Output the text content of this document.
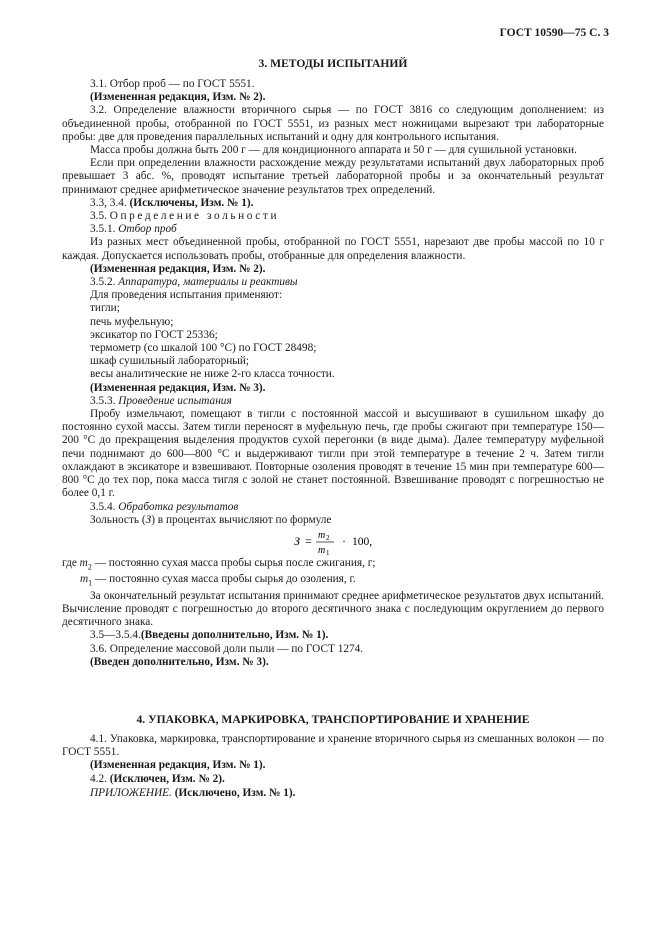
ГОСТ 10590—75 С. 3
3. МЕТОДЫ ИСПЫТАНИЙ

3.1. Отбор проб — по ГОСТ 5551.

(Измененная редакция, Изм. № 2).

3.2. Определение влажности вторичного сырья — по ГОСТ 3816 со следующим дополнением: из объединенной пробы, отобранной по ГОСТ 5551, из разных мест ножницами вырезают три лабораторные пробы: две для проведения параллельных испытаний и одну для контрольного испытания.

Масса пробы должна быть 200 г — для кондиционного аппарата и 50 г — для сушильной установки.

Если при определении влажности расхождение между результатами испытаний двух лабораторных проб превышает 3 абс. %, проводят испытание третьей лабораторной пробы и за окончательный результат принимают среднее арифметическое значение результатов трех определений.

3.3, 3.4. (Исключены, Изм. № 1).

3.5. Определение зольности

3.5.1. Отбор проб

Из разных мест объединенной пробы, отобранной по ГОСТ 5551, нарезают две пробы массой по 10 г каждая. Допускается использовать пробы, отобранные для определения влажности.

(Измененная редакция, Изм. № 2).

3.5.2. Аппаратура, материалы и реактивы

Для проведения испытания применяют:

тигли;

печь муфельную;

эксикатор по ГОСТ 25336;

термометр (со шкалой 100 °С) по ГОСТ 28498;

шкаф сушильный лабораторный;

весы аналитические не ниже 2-го класса точности.

(Измененная редакция, Изм. № 3).

3.5.3. Проведение испытания

Пробу измельчают, помещают в тигли с постоянной массой и высушивают в сушильном шкафу до постоянно сухой массы. Затем тигли переносят в муфельную печь, где пробы сжигают при температуре 150—200 °С до прекращения выделения продуктов сухой перегонки (в виде дыма). Далее температуру муфельной печи поднимают до 600—800 °С и выдерживают тигли при этой температуре в течение 2 ч. Затем тигли охлаждают в эксикаторе и взвешивают. Повторные озоления проводят в течение 15 мин при температуре 600—800 °С до тех пор, пока масса тигля с золой не станет постоянной. Взвешивание проводят с погрешностью не более 0,1 г.

3.5.4. Обработка результатов

Зольность (З) в процентах вычисляют по формуле

З = m 2
m 1
· 100,

где $m_2$ — постоянно сухая масса пробы сырья после сжигания, г;

$m_1$ — постоянно сухая масса пробы сырья до озоления, г.

За окончательный результат испытания принимают среднее арифметическое результатов двух испытаний. Вычисление проводят с погрешностью до второго десятичного знака с последующим округлением до первого десятичного знака.

3.5—3.5.4.(Введены дополнительно, Изм. № 1).

3.6. Определение массовой доли пыли — по ГОСТ 1274.

(Введен дополнительно, Изм. № 3).

4. УПАКОВКА, МАРКИРОВКА, ТРАНСПОРТИРОВАНИЕ И ХРАНЕНИЕ

4.1. Упаковка, маркировка, транспортирование и хранение вторичного сырья из смешанных волокон — по ГОСТ 5551.

(Измененная редакция, Изм. № 1).

4.2. (Исключен, Изм. № 2).

ПРИЛОЖЕНИЕ. (Исключено, Изм. № 1).
